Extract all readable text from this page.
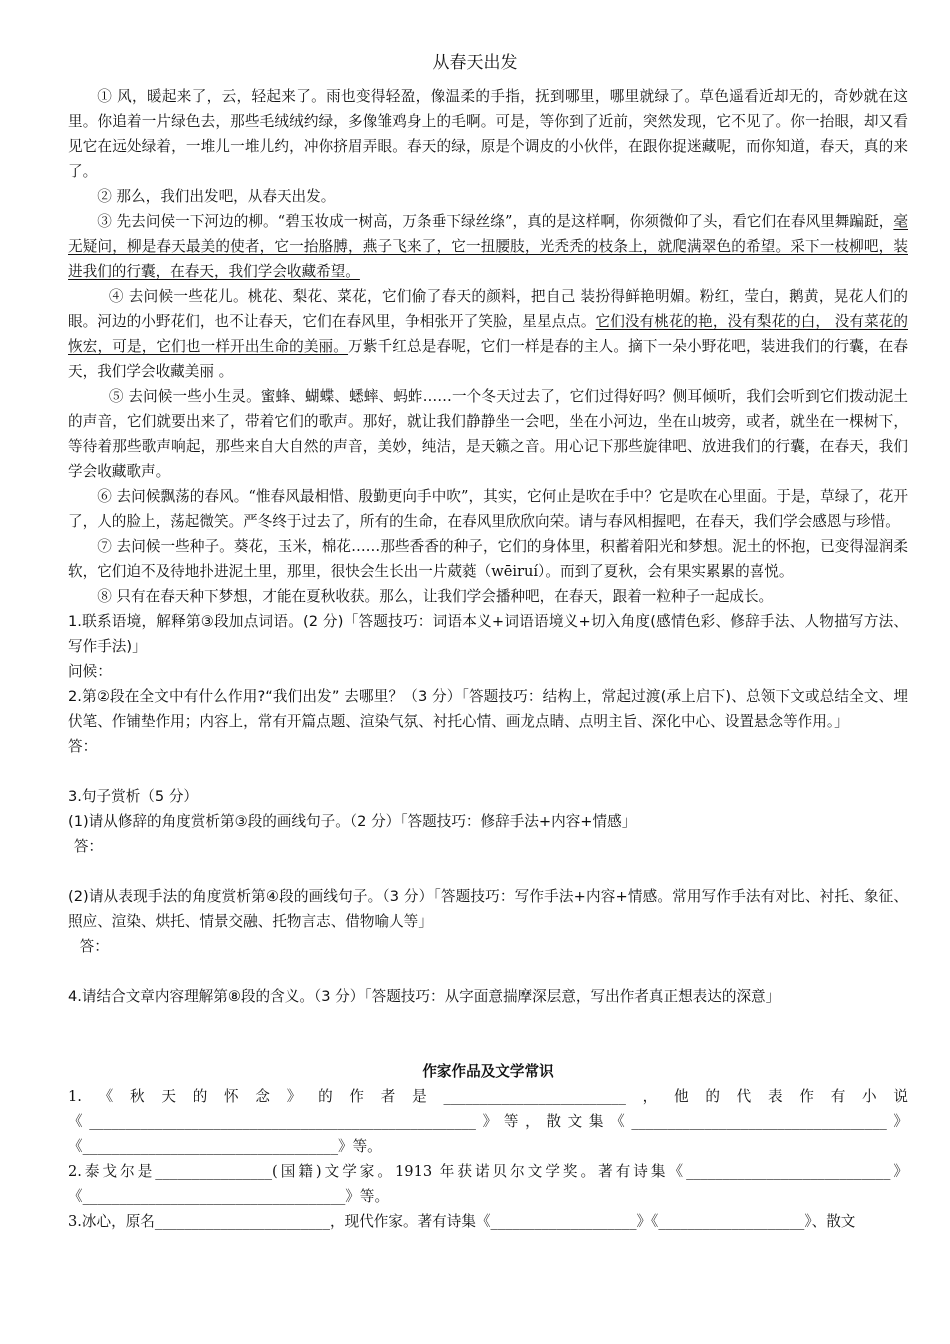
从春天出发

① 风，暖起来了，云，轻起来了。雨也变得轻盈，像温柔的手指，抚到哪里，哪里就绿了。草色遥看近却无的，奇妙就在这里。你追着一片绿色去，那些毛绒绒约绿，多像雏鸡身上的毛啊。可是，等你到了近前，突然发现，它不见了。你一抬眼，却又看见它在远处绿着，一堆儿一堆儿约，冲你挤眉弄眼。春天的绿，原是个调皮的小伙伴，在跟你捉迷藏呢，而你知道，春天，真的来了。

② 那么，我们出发吧，从春天出发。

③ 先去问侯一下河边的柳。“碧玉妆成一树高，万条垂下绿丝绦”，真的是这样啊，你须微仰了头，看它们在春风里舞蹁跹，毫无疑问，柳是春天最美的使者，它一抬胳膊，燕子飞来了，它一扭腰肢，光秃秃的枝条上，就爬满翠色的希望。采下一枝柳吧，装进我们的行囊，在春天，我们学会收藏希望。

④ 去问候一些花儿。桃花、梨花、菜花，它们偷了春天的颜料，把自己 装扮得鲜艳明媚。粉红，莹白，鹅黄，晃花人们的眼。河边的小野花们，也不让春天，它们在春风里，争相张开了笑脸，星星点点。它们没有桃花的艳，没有梨花的白， 没有菜花的恢宏，可是，它们也一样开出生命的美丽。万紫千红总是春呢，它们一样是春的主人。摘下一朵小野花吧，装进我们的行囊，在春天，我们学会收藏美丽 。

⑤ 去问候一些小生灵。蜜蜂、蝴蝶、蟋蟀、蚂蚱……一个冬天过去了，它们过得好吗？侧耳倾听，我们会听到它们拨动泥土的声音，它们就要出来了，带着它们的歌声。那好，就让我们静静坐一会吧，坐在小河边，坐在山坡旁，或者，就坐在一棵树下，等待着那些歌声响起，那些来自大自然的声音，美妙，纯洁，是天籁之音。用心记下那些旋律吧、放进我们的行囊，在春天，我们学会收藏歌声。

⑥ 去问候飘荡的春风。“惟春风最相惜、殷勤更向手中吹”，其实，它何止是吹在手中？它是吹在心里面。于是，草绿了，花开了，人的脸上，荡起微笑。严冬终于过去了，所有的生命，在春风里欣欣向荣。请与春风相握吧，在春天，我们学会感恩与珍惜。

⑦ 去问候一些种子。葵花，玉米，棉花……那些香香的种子，它们的身体里，积蓄着阳光和梦想。泥土的怀抱，已变得湿润柔软，它们迫不及待地扑进泥土里，那里，很快会生长出一片葳蕤（wēiruí）。而到了夏秋，会有果实累累的喜悦。

⑧ 只有在春天种下梦想，才能在夏秋收获。那么，让我们学会播种吧，在春天，跟着一粒种子一起成长。

1.联系语境，解释第③段加点词语。(2 分)「答题技巧：词语本义+词语语境义+切入角度(感情色彩、修辞手法、人物描写方法、写作手法)」

问候：

2.第②段在全文中有什么作用?“我们出发” 去哪里？（3 分）「答题技巧：结构上，常起过渡(承上启下)、总领下文或总结全文、埋伏笔、作铺垫作用；内容上，常有开篇点题、渲染气氛、衬托心情、画龙点睛、点明主旨、深化中心、设置悬念等作用。」

答：

3.句子赏析（5 分）

(1)请从修辞的角度赏析第③段的画线句子。（2 分）「答题技巧：修辞手法+内容+情感」

答：

(2)请从表现手法的角度赏析第④段的画线句子。（3 分）「答题技巧：写作手法+内容+情感。常用写作手法有对比、衬托、象征、照应、渲染、烘托、情景交融、托物言志、借物喻人等」

答：

4.请结合文章内容理解第⑧段的含义。（3 分）「答题技巧：从字面意揣摩深层意，写出作者真正想表达的深意」

作家作品及文学常识

1.《秋天的怀念》的作者是_________________________，他的代表作有小说《_____________________________________________________》等，散文集《___________________________________》《___________________________________》等。

2.泰戈尔是________________(国籍)文学家。1913 年获诺贝尔文学奖。著有诗集《____________________________》《____________________________________》等。

3.冰心，原名________________________，现代作家。著有诗集《____________________》《____________________》、散文
